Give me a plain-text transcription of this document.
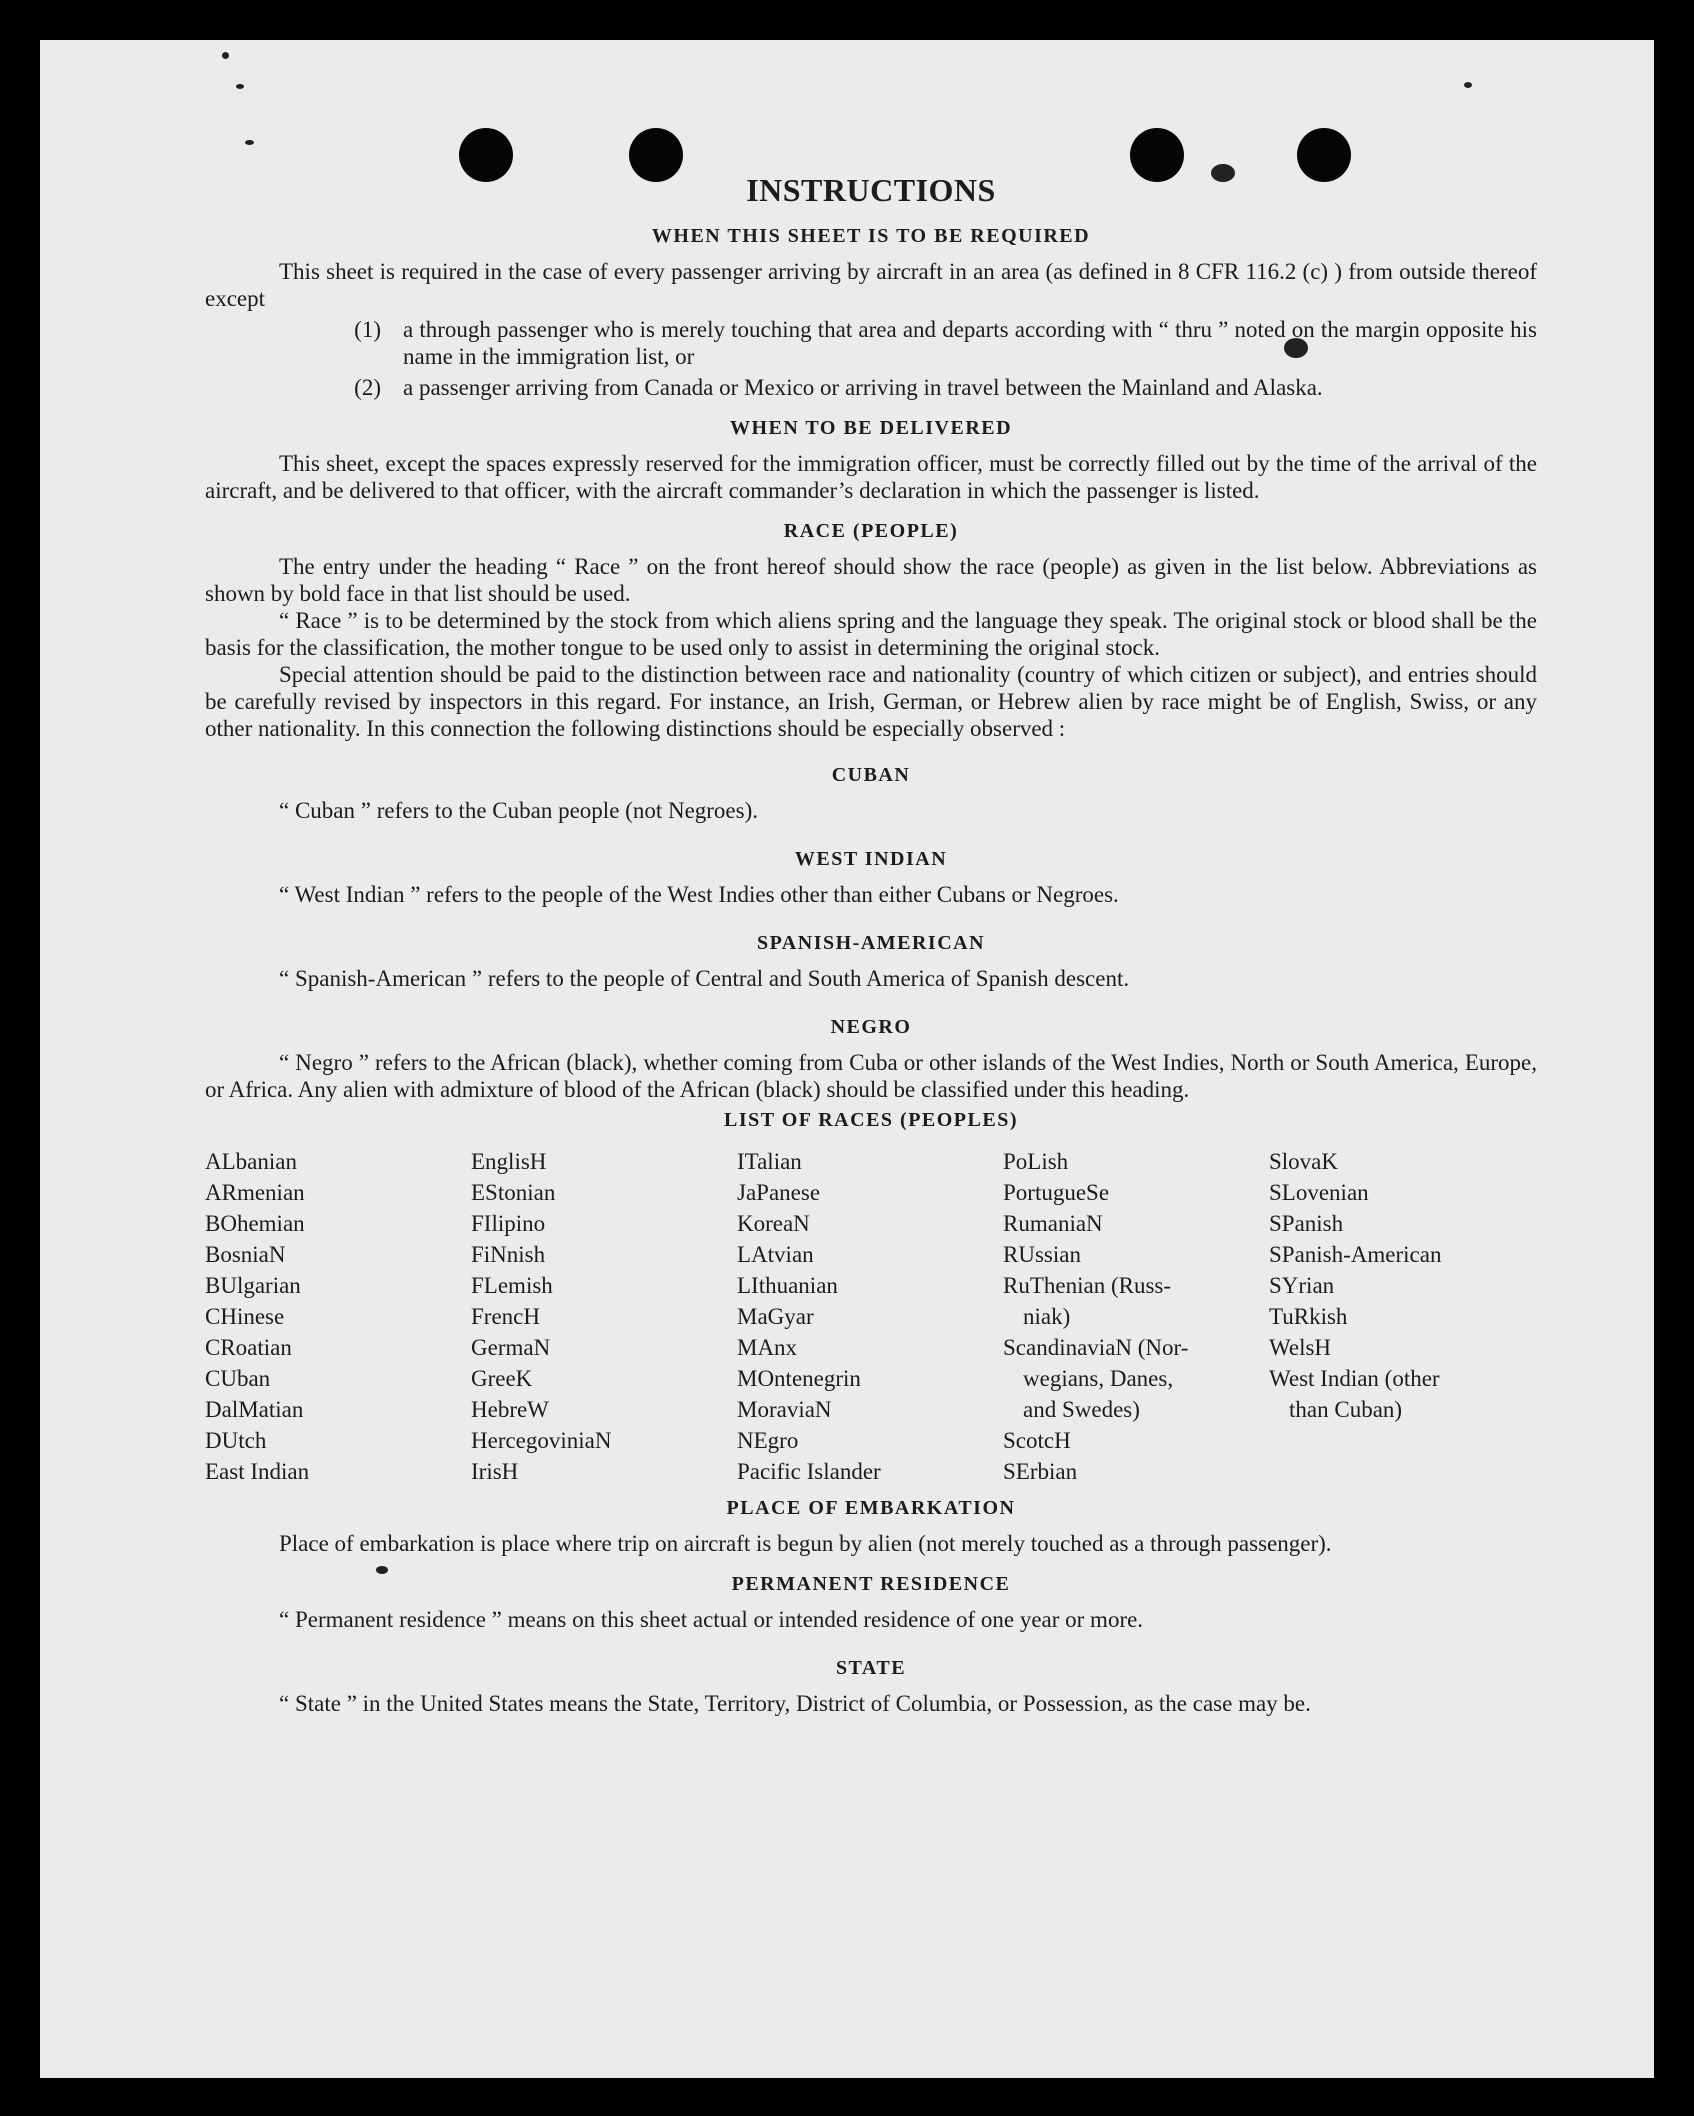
INSTRUCTIONS
WHEN THIS SHEET IS TO BE REQUIRED

This sheet is required in the case of every passenger arriving by aircraft in an area (as defined in 8 CFR 116.2 (c) ) from outside thereof except

(1) a through passenger who is merely touching that area and departs according with “ thru ” noted on the margin opposite his name in the immigration list, or
(2) a passenger arriving from Canada or Mexico or arriving in travel between the Mainland and Alaska.
WHEN TO BE DELIVERED

This sheet, except the spaces expressly reserved for the immigration officer, must be correctly filled out by the time of the arrival of the aircraft, and be delivered to that officer, with the aircraft commander’s declaration in which the passenger is listed.

RACE (PEOPLE)

The entry under the heading “ Race ” on the front hereof should show the race (people) as given in the list below. Abbreviations as shown by bold face in that list should be used.

“ Race ” is to be determined by the stock from which aliens spring and the language they speak. The original stock or blood shall be the basis for the classification, the mother tongue to be used only to assist in determining the original stock.

Special attention should be paid to the distinction between race and nationality (country of which citizen or subject), and entries should be carefully revised by inspectors in this regard. For instance, an Irish, German, or Hebrew alien by race might be of English, Swiss, or any other nationality. In this connection the following distinctions should be especially observed :

CUBAN
“ Cuban ” refers to the Cuban people (not Negroes).
WEST INDIAN
“ West Indian ” refers to the people of the West Indies other than either Cubans or Negroes.
SPANISH-AMERICAN
“ Spanish-American ” refers to the people of Central and South America of Spanish descent.
NEGRO

“ Negro ” refers to the African (black), whether coming from Cuba or other islands of the West Indies, North or South America, Europe, or Africa. Any alien with admixture of blood of the African (black) should be classified under this heading.

LIST OF RACES (PEOPLES)
ALbanian
ARmenian
BOhemian
BosniaN
BUlgarian
CHinese
CRoatian
CUban
DalMatian
DUtch
East Indian
EnglisH
EStonian
FIlipino
FiNnish
FLemish
FrencH
GermaN
GreeK
HebreW
HercegoviniaN
IrisH
ITalian
JaPanese
KoreaN
LAtvian
LIthuanian
MaGyar
MAnx
MOntenegrin
MoraviaN
NEgro
Pacific Islander
PoLish
PortugueSe
RumaniaN
RUssian
RuThenian (Russ-
niak)
ScandinaviaN (Nor-
wegians, Danes,
and Swedes)
ScotcH
SErbian
SlovaK
SLovenian
SPanish
SPanish-American
SYrian
TuRkish
WelsH
West Indian (other
than Cuban)
PLACE OF EMBARKATION

Place of embarkation is place where trip on aircraft is begun by alien (not merely touched as a through passenger).

PERMANENT RESIDENCE
“ Permanent residence ” means on this sheet actual or intended residence of one year or more.
STATE

“ State ” in the United States means the State, Territory, District of Columbia, or Possession, as the case may be.
